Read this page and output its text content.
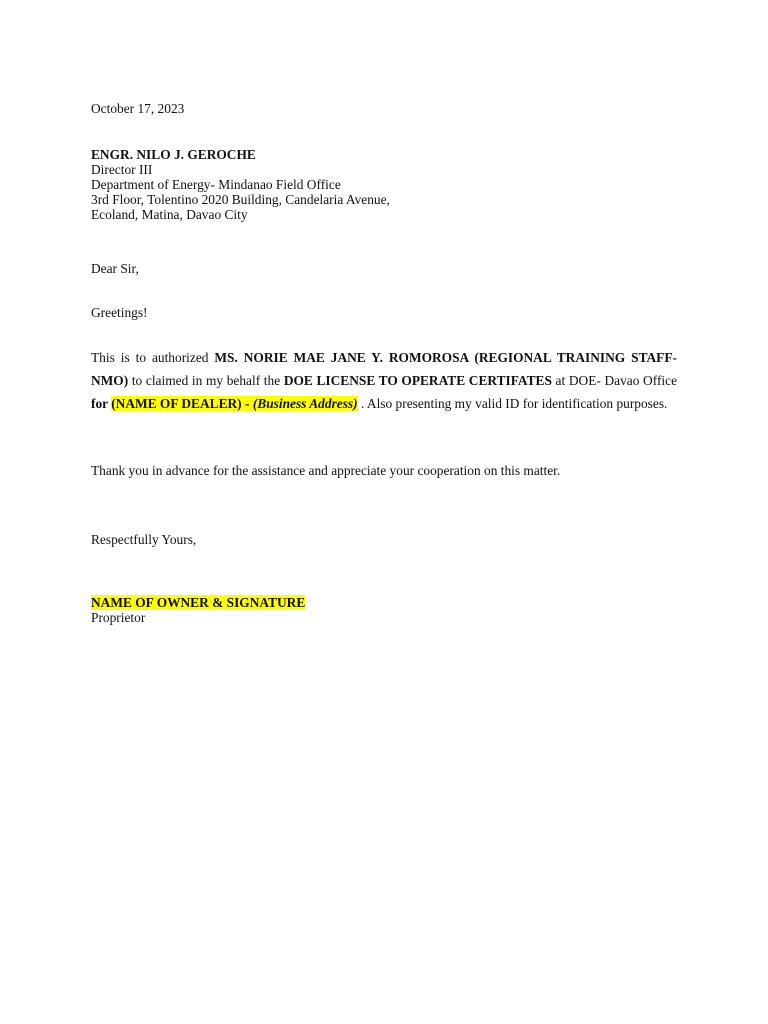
October 17, 2023
ENGR. NILO J. GEROCHE
Director III
Department of Energy- Mindanao Field Office
3rd Floor, Tolentino 2020 Building, Candelaria Avenue,
Ecoland, Matina, Davao City
Dear Sir,
Greetings!
This is to authorized MS. NORIE MAE JANE Y. ROMOROSA (REGIONAL TRAINING STAFF- NMO) to claimed in my behalf the DOE LICENSE TO OPERATE CERTIFATES at DOE- Davao Office for (NAME OF DEALER) - (Business Address) . Also presenting my valid ID for identification purposes.
Thank you in advance for the assistance and appreciate your cooperation on this matter.
Respectfully Yours,
NAME OF OWNER & SIGNATURE
Proprietor
